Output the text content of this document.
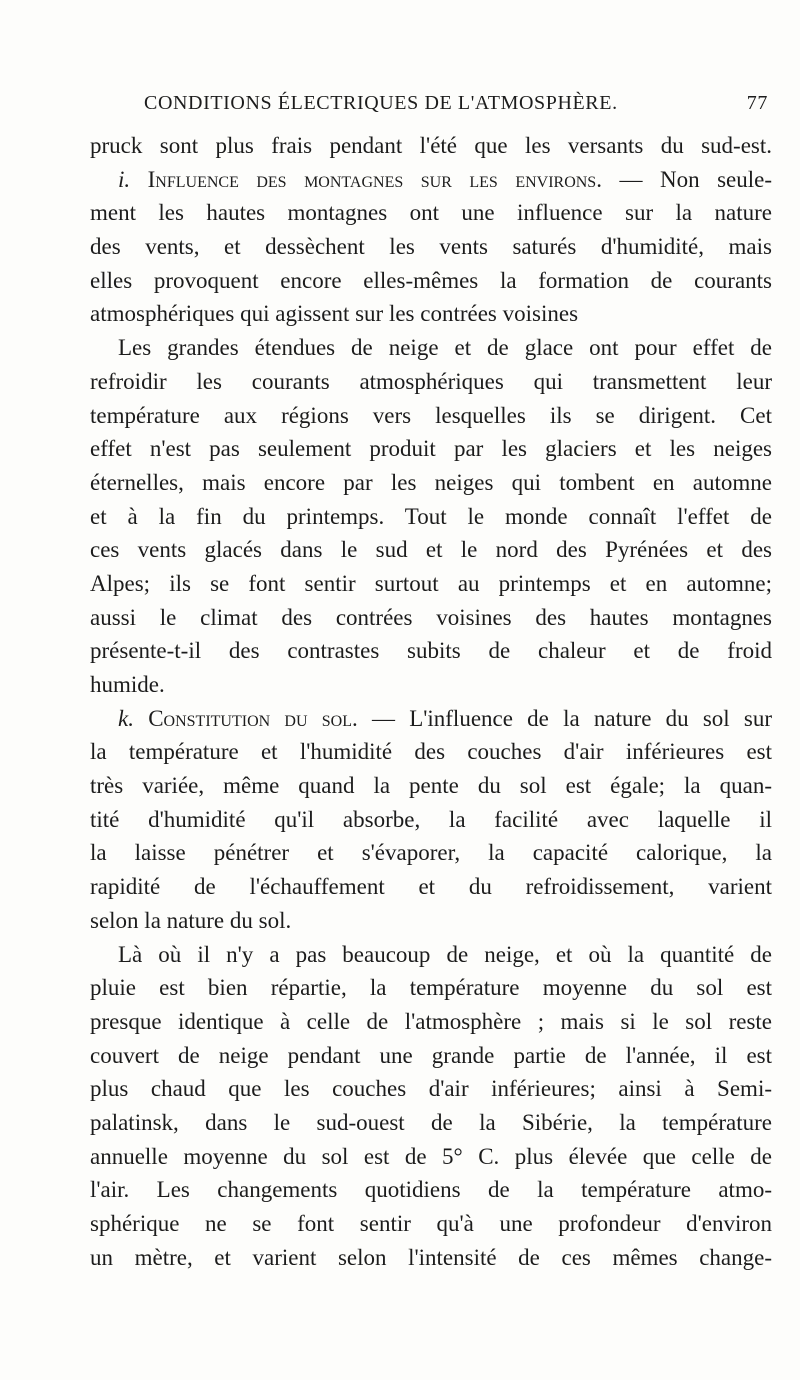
CONDITIONS ÉLECTRIQUES DE L'ATMOSPHÈRE.	77
pruck sont plus frais pendant l'été que les versants du sud-est.
i. Influence des montagnes sur les environs. — Non seule-
ment les hautes montagnes ont une influence sur la nature
des vents, et dessèchent les vents saturés d'humidité, mais
elles provoquent encore elles-mêmes la formation de courants
atmosphériques qui agissent sur les contrées voisines
Les grandes étendues de neige et de glace ont pour effet de
refroidir les courants atmosphériques qui transmettent leur
température aux régions vers lesquelles ils se dirigent. Cet
effet n'est pas seulement produit par les glaciers et les neiges
éternelles, mais encore par les neiges qui tombent en automne
et à la fin du printemps. Tout le monde connaît l'effet de
ces vents glacés dans le sud et le nord des Pyrénées et des
Alpes; ils se font sentir surtout au printemps et en automne;
aussi le climat des contrées voisines des hautes montagnes
présente-t-il des contrastes subits de chaleur et de froid
humide.
k. Constitution du sol. — L'influence de la nature du sol sur
la température et l'humidité des couches d'air inférieures est
très variée, même quand la pente du sol est égale; la quan-
tité d'humidité qu'il absorbe, la facilité avec laquelle il
la laisse pénétrer et s'évaporer, la capacité calorique, la
rapidité de l'échauffement et du refroidissement, varient
selon la nature du sol.
Là où il n'y a pas beaucoup de neige, et où la quantité de
pluie est bien répartie, la température moyenne du sol est
presque identique à celle de l'atmosphère ; mais si le sol reste
couvert de neige pendant une grande partie de l'année, il est
plus chaud que les couches d'air inférieures; ainsi à Semi-
palatinsk, dans le sud-ouest de la Sibérie, la température
annuelle moyenne du sol est de 5° C. plus élevée que celle de
l'air. Les changements quotidiens de la température atmo-
sphérique ne se font sentir qu'à une profondeur d'environ
un mètre, et varient selon l'intensité de ces mêmes change-
